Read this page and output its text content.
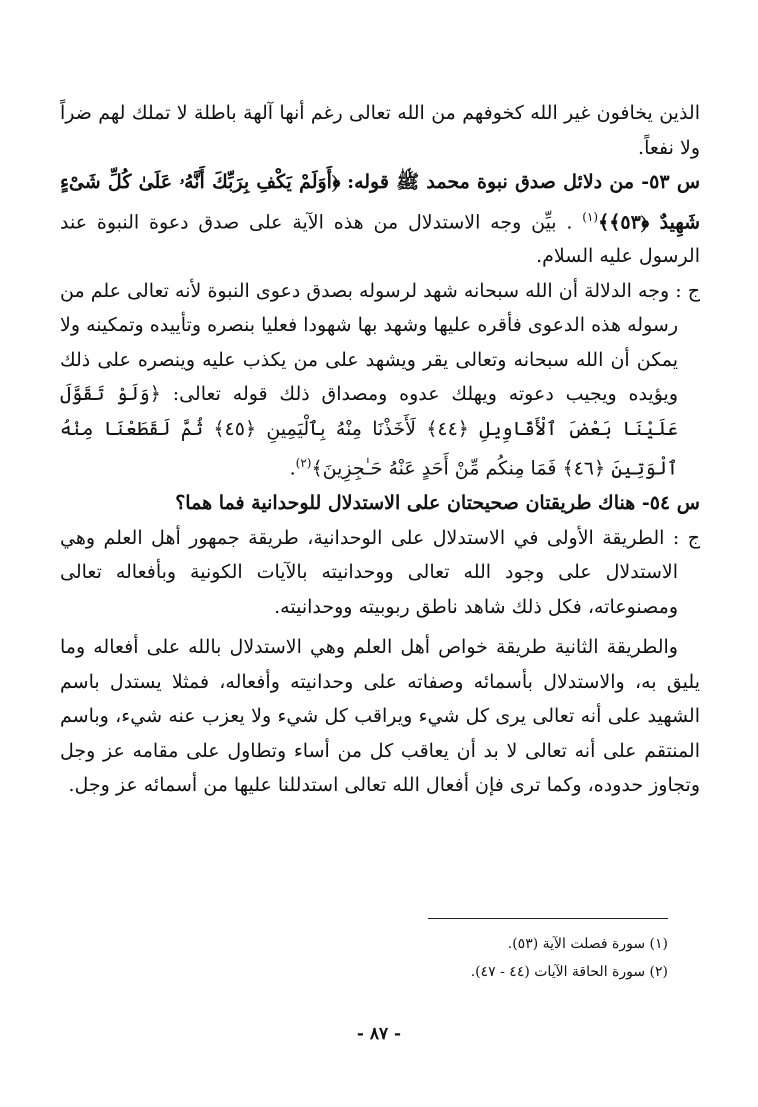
الذين يخافون غير الله كخوفهم من الله تعالى رغم أنها آلهة باطلة لا تملك لهم ضراً ولا نفعاً.

س ٥٣- من دلائل صدق نبوة محمد ﷺ قوله: ﴿أَوَلَمْ يَكْفِ بِرَبِّكَ أَنَّهُۥ عَلَىٰ كُلِّ شَىْءٍ شَهِيدٌ ﴿٥٣﴾﴾$^{(١)}$ . بيِّن وجه الاستدلال من هذه الآية على صدق دعوة النبوة عند الرسول عليه السلام.

ج : وجه الدلالة أن الله سبحانه شهد لرسوله بصدق دعوى النبوة لأنه تعالى علم من رسوله هذه الدعوى فأقره عليها وشهد بها شهودا فعليا بنصره وتأييده وتمكينه ولا يمكن أن الله سبحانه وتعالى يقر ويشهد على من يكذب عليه وينصره على ذلك ويؤيده ويجيب دعوته ويهلك عدوه ومصداق ذلك قوله تعالى: ﴿وَلَوْ تَقَوَّلَ عَلَيْنَا بَعْضَ ٱلْأَقَاوِيلِ ﴿٤٤﴾ لَأَخَذْنَا مِنْهُ بِٱلْيَمِينِ ﴿٤٥﴾ ثُمَّ لَقَطَعْنَا مِنْهُ ٱلْوَتِينَ ﴿٤٦﴾ فَمَا مِنكُم مِّنْ أَحَدٍ عَنْهُ حَـٰجِزِينَ﴾$^{(٢)}$.

س ٥٤- هناك طريقتان صحيحتان على الاستدلال للوحدانية فما هما؟

ج : الطريقة الأولى في الاستدلال على الوحدانية، طريقة جمهور أهل العلم وهي الاستدلال على وجود الله تعالى ووحدانيته بالآيات الكونية وبأفعاله تعالى ومصنوعاته، فكل ذلك شاهد ناطق ربوبيته ووحدانيته.

والطريقة الثانية طريقة خواص أهل العلم وهي الاستدلال بالله على أفعاله وما يليق به، والاستدلال بأسمائه وصفاته على وحدانيته وأفعاله، فمثلا يستدل باسم الشهيد على أنه تعالى يرى كل شيء ويراقب كل شيء ولا يعزب عنه شيء، وباسم المنتقم على أنه تعالى لا بد أن يعاقب كل من أساء وتطاول على مقامه عز وجل وتجاوز حدوده، وكما ترى فإن أفعال الله تعالى استدللنا عليها من أسمائه عز وجل.

(١) سورة فصلت الآية (٥٣).
(٢) سورة الحاقة الآيات (٤٤ - ٤٧).
- ٨٧ -
